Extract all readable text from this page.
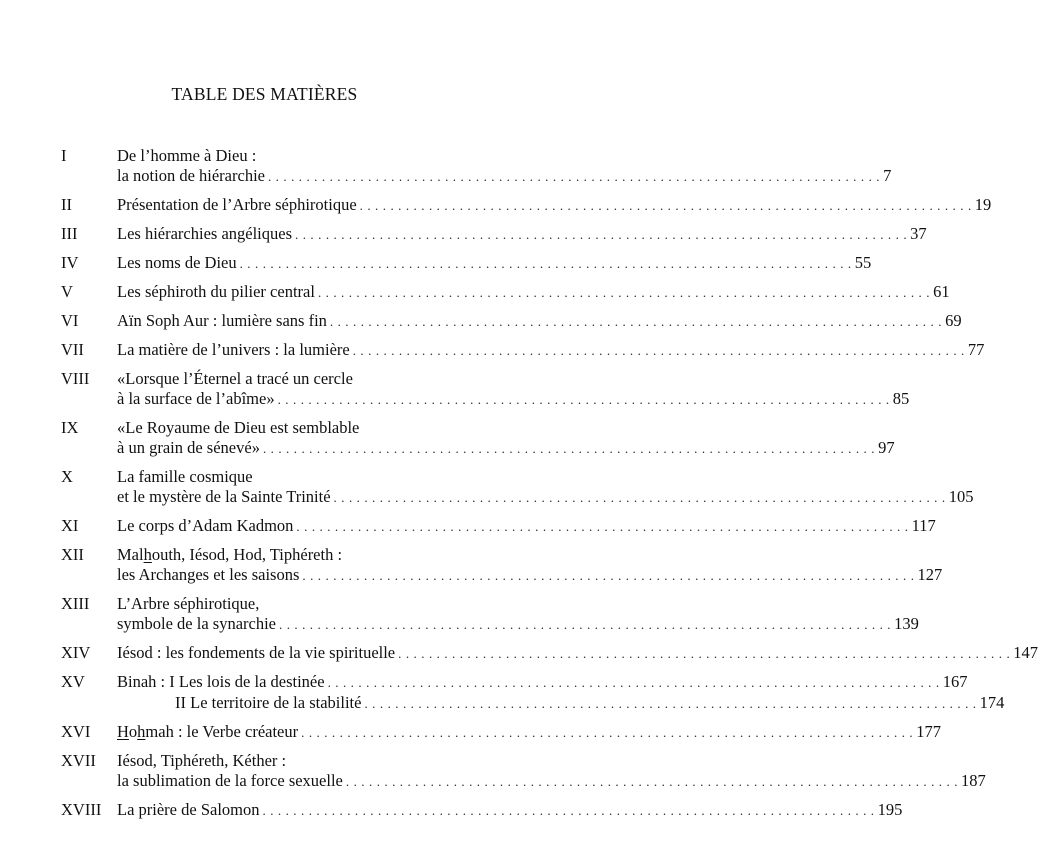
TABLE DES MATIÈRES
I	De l’homme à Dieu :
la notion de hiérarchie . . . . . . . . . . . . . . . . . . . . . . . . . . . . . . . . . . . . . . . . . . . . . . . . . . . . . . . . . . . . . . . . . . . . . . . . . . . . . . . . 7
II	Présentation de l’Arbre séphirotique . . . . . . . . . . . . . . . . . . . . . . . . . . . . . . . . . . . . . . . . . . . . . . . . . . . . . . . . . . . . . . . . . . . . . . . . . . . . . . . . 19
III	Les hiérarchies angéliques . . . . . . . . . . . . . . . . . . . . . . . . . . . . . . . . . . . . . . . . . . . . . . . . . . . . . . . . . . . . . . . . . . . . . . . . . . . . . . . . 37
IV	Les noms de Dieu . . . . . . . . . . . . . . . . . . . . . . . . . . . . . . . . . . . . . . . . . . . . . . . . . . . . . . . . . . . . . . . . . . . . . . . . . . . . . . . . 55
V	Les séphiroth du pilier central . . . . . . . . . . . . . . . . . . . . . . . . . . . . . . . . . . . . . . . . . . . . . . . . . . . . . . . . . . . . . . . . . . . . . . . . . . . . . . . . 61
VI	Aïn Soph Aur : lumière sans fin . . . . . . . . . . . . . . . . . . . . . . . . . . . . . . . . . . . . . . . . . . . . . . . . . . . . . . . . . . . . . . . . . . . . . . . . . . . . . . . . 69
VII	La matière de l’univers : la lumière . . . . . . . . . . . . . . . . . . . . . . . . . . . . . . . . . . . . . . . . . . . . . . . . . . . . . . . . . . . . . . . . . . . . . . . . . . . . . . . . 77
VIII	«Lorsque l’Éternel a tracé un cercle
à la surface de l’abîme» . . . . . . . . . . . . . . . . . . . . . . . . . . . . . . . . . . . . . . . . . . . . . . . . . . . . . . . . . . . . . . . . . . . . . . . . . . . . . . . . 85
IX	«Le Royaume de Dieu est semblable
à un grain de sénevé» . . . . . . . . . . . . . . . . . . . . . . . . . . . . . . . . . . . . . . . . . . . . . . . . . . . . . . . . . . . . . . . . . . . . . . . . . . . . . . . . 97
X	La famille cosmique
et le mystère de la Sainte Trinité . . . . . . . . . . . . . . . . . . . . . . . . . . . . . . . . . . . . . . . . . . . . . . . . . . . . . . . . . . . . . . . . . . . . . . . . . . . . . . . . 105
XI	Le corps d’Adam Kadmon . . . . . . . . . . . . . . . . . . . . . . . . . . . . . . . . . . . . . . . . . . . . . . . . . . . . . . . . . . . . . . . . . . . . . . . . . . . . . . . . 117
XII	Malhouth, Iésod, Hod, Tiphéreth :
les Archanges et les saisons . . . . . . . . . . . . . . . . . . . . . . . . . . . . . . . . . . . . . . . . . . . . . . . . . . . . . . . . . . . . . . . . . . . . . . . . . . . . . . . . 127
XIII	L’Arbre séphirotique,
symbole de la synarchie . . . . . . . . . . . . . . . . . . . . . . . . . . . . . . . . . . . . . . . . . . . . . . . . . . . . . . . . . . . . . . . . . . . . . . . . . . . . . . . . 139
XIV	Iésod : les fondements de la vie spirituelle . . . . . . . . . . . . . . . . . . . . . . . . . . . . . . . . . . . . . . . . . . . . . . . . . . . . . . . . . . . . . . . . . . . . . . . . . . . . . . . . 147
XV	Binah : I Les lois de la destinée . . . . . . . . . . . . . . . . . . . . . . . . . . . . . . . . . . . . . . . . . . . . . . . . . . . . . . . . . . . . . . . . . . . . . . . . . . . . . . . . 167
II Le territoire de la stabilité . . . . . . . . . . . . . . . . . . . . . . . . . . . . . . . . . . . . . . . . . . . . . . . . . . . . . . . . . . . . . . . . . . . . . . . . . . . . . . . . 174
XVI	Hohmah : le Verbe créateur . . . . . . . . . . . . . . . . . . . . . . . . . . . . . . . . . . . . . . . . . . . . . . . . . . . . . . . . . . . . . . . . . . . . . . . . . . . . . . . . 177
XVII	Iésod, Tiphéreth, Kéther :
la sublimation de la force sexuelle . . . . . . . . . . . . . . . . . . . . . . . . . . . . . . . . . . . . . . . . . . . . . . . . . . . . . . . . . . . . . . . . . . . . . . . . . . . . . . . . 187
XVIII La prière de Salomon . . . . . . . . . . . . . . . . . . . . . . . . . . . . . . . . . . . . . . . . . . . . . . . . . . . . . . . . . . . . . . . . . . . . . . . . . . . . . . . . 195
